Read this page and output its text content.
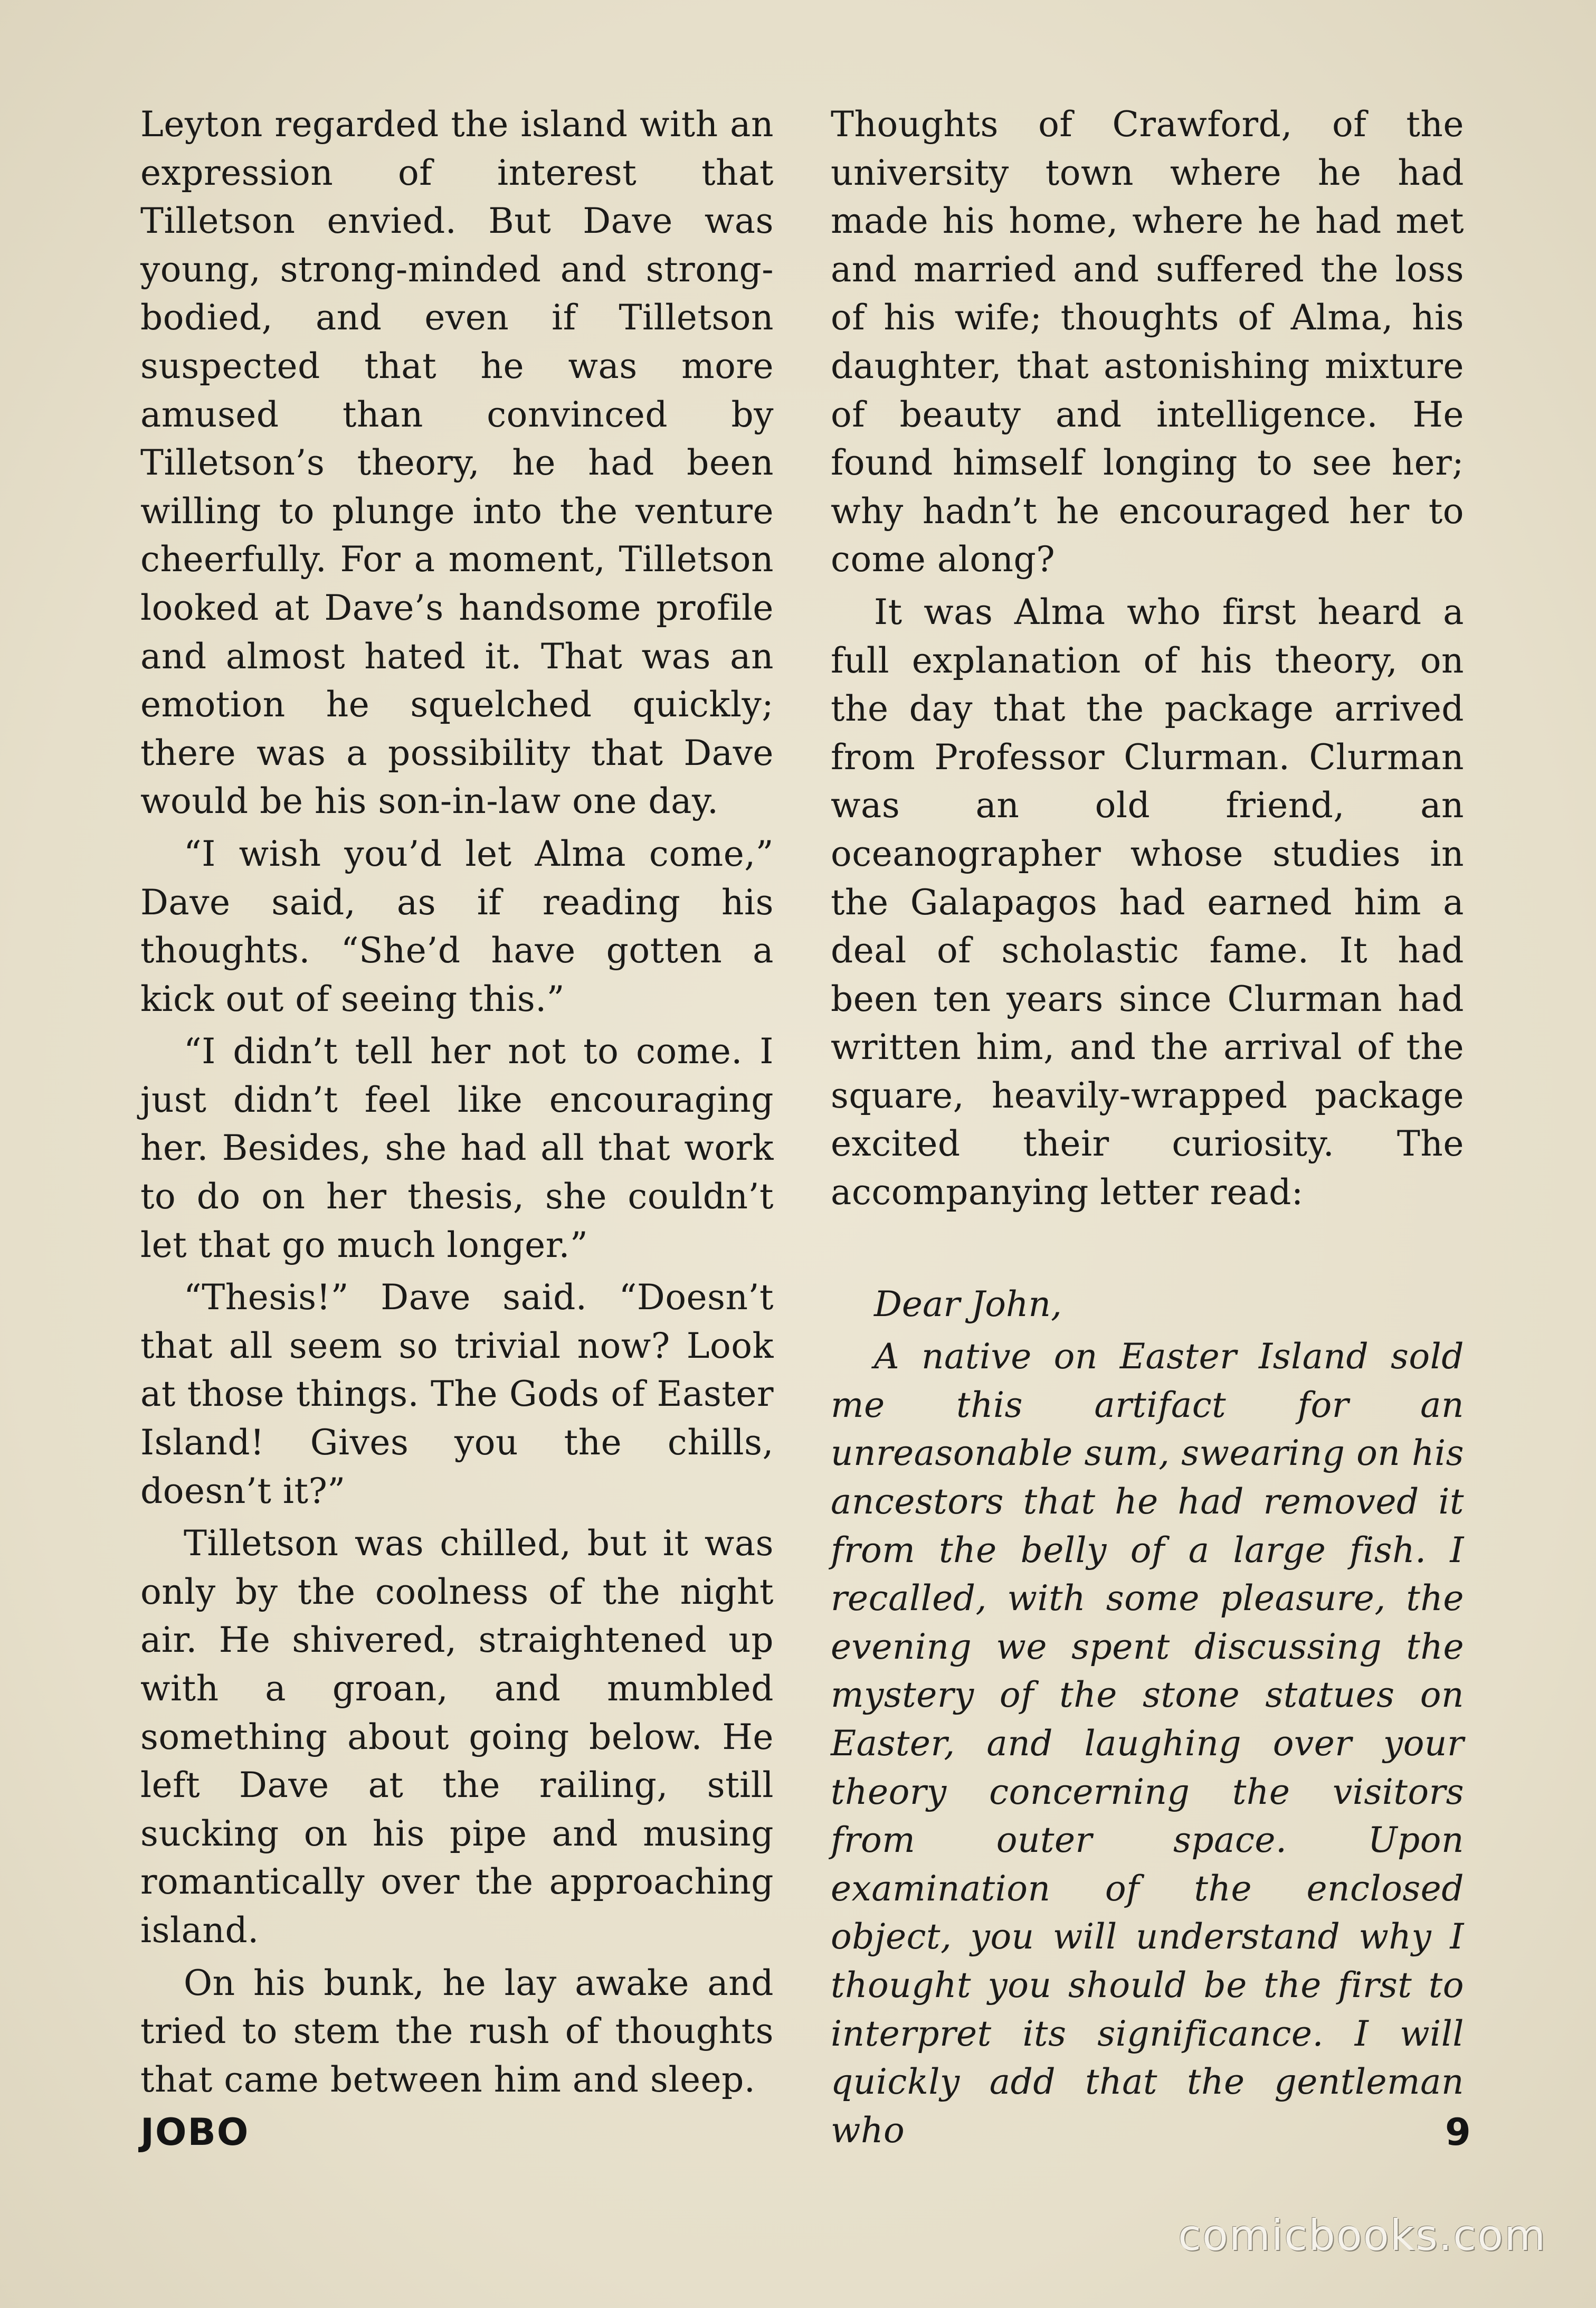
Leyton regarded the island with an expression of interest that Tilletson envied. But Dave was young, strong-minded and strong-bodied, and even if Tilletson suspected that he was more amused than convinced by Tilletson’s theory, he had been willing to plunge into the venture cheerfully. For a moment, Tilletson looked at Dave’s handsome profile and almost hated it. That was an emotion he squelched quickly; there was a possibility that Dave would be his son-in-law one day.

“I wish you’d let Alma come,” Dave said, as if reading his thoughts. “She’d have gotten a kick out of seeing this.”

“I didn’t tell her not to come. I just didn’t feel like encouraging her. Besides, she had all that work to do on her thesis, she couldn’t let that go much longer.”

“Thesis!” Dave said. “Doesn’t that all seem so trivial now? Look at those things. The Gods of Easter Island! Gives you the chills, doesn’t it?”

Tilletson was chilled, but it was only by the coolness of the night air. He shivered, straightened up with a groan, and mumbled something about going below. He left Dave at the railing, still sucking on his pipe and musing romantically over the approaching island.

On his bunk, he lay awake and tried to stem the rush of thoughts that came between him and sleep.

Thoughts of Crawford, of the university town where he had made his home, where he had met and married and suffered the loss of his wife; thoughts of Alma, his daughter, that astonishing mixture of beauty and intelligence. He found himself longing to see her; why hadn’t he encouraged her to come along?

It was Alma who first heard a full explanation of his theory, on the day that the package arrived from Professor Clurman. Clurman was an old friend, an oceanographer whose studies in the Galapagos had earned him a deal of scholastic fame. It had been ten years since Clurman had written him, and the arrival of the square, heavily-wrapped package excited their curiosity. The accompanying letter read:

Dear John,

A native on Easter Island sold me this artifact for an unreasonable sum, swearing on his ancestors that he had removed it from the belly of a large fish. I recalled, with some pleasure, the evening we spent discussing the mystery of the stone statues on Easter, and laughing over your theory concerning the visitors from outer space. Upon examination of the enclosed object, you will understand why I thought you should be the first to interpret its significance. I will quickly add that the gentleman who

JOBO	9
comicbooks.com
